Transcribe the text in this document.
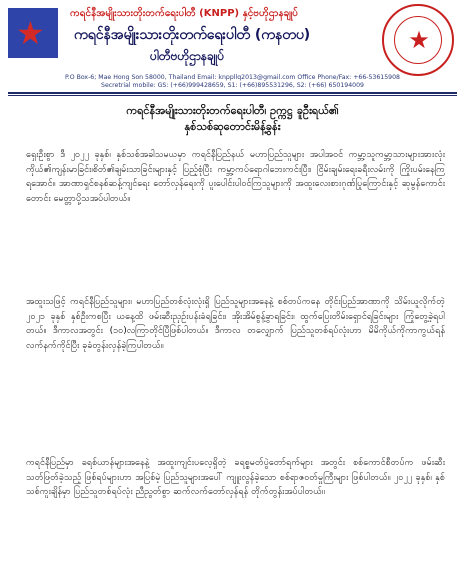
★
ကရင်နီအမျိုးသားတိုးတက်ရေးပါတီ (KNPP) နှင့်ဗဟိုဌာနချုပ်
ကရင်နီအမျိုးသားတိုးတက်ရေးပါတီ (ကနတပ)
ပါတီဗဟိုဌာနချုပ်
★
P.O Box-6; Mae Hong Son 58000, Thailand Email: knppllq2013@gmail.com Office Phone/Fax: +66-53615908
Secretrial mobile: GS: (+66)999428659, S1: (+66)895531296, S2: (+66) 650194009
ကရင်နီအမျိုးသားတိုးတက်ရေးပါတီ၊ ဥက္ကဋ္ဌ ခူဦးရယ်၏
နှစ်သစ်ဆုတောင်းမိန့်ခွန်း
ရှေးဦးစွာ ဒီ ၂၀၂၂ ခုနှစ်၊ နှစ်သစ်အခါသမယမှာ ကရင်နီပြည်နယ် မဟာပြည်သူများ အပါအဝင် ကမ္ဘာ့သူကမ္ဘာ့သားများအားလုံး ကိုယ်၏ကျန်းမာခြင်း၊စိတ်၏ချမ်းသာခြင်းများနှင့် ပြည့်စုံပြီး ကမ္ဘာ့ကပ်ရောဂါဘေးကင်းပြီး၊ ငြိမ်းချမ်းရေးခရီးလမ်းကို ကြိုးပမ်းနေကြရအောင်။ အာဏာရှင်စနစ်ဆန့်ကျင်ရေး တော်လှန်ရေးကို ပူးပေါင်းပါဝင်ကြသူများကို အထူးလေးစားဂုဏ်ပြုကြောင်းနှင့် ဆုမွန်ကောင်းတောင်း မေတ္တာပို့သအပ်ပါတယ်။
အထူးသဖြင့် ကရင်နီပြည်သူများ၊ မဟာပြည်တစ်လုံးလုံးရှိ ပြည်သူများအနေနဲ့ စစ်တပ်ကနေ တိုင်းပြည်အာဏာကို သိမ်းယူလိုက်တဲ့ ၂၀၂၁ ခုနှစ် နှစ်ဦးကစပြီး ယနေ့ထိ ဖမ်းဆီးညှဉ်းပန်းခံရခြင်း၊ အိုးအိမ်စွန့်ခွာရခြင်း၊ ထွက်ပြေးတိမ်းရှောင်ရခြင်းများ ကြုံတွေ့ခဲ့ရပါတယ်။ ဒီကာလအတွင်း (၁၀)လကြာတိုင်ပြီဖြစ်ပါတယ်။ ဒီကာလ တလျှောက် ပြည်သူတစ်ရပ်လုံးဟာ မိမိကိုယ်ကိုကာကွယ်ရန် လက်နက်ကိုင်ပြီး ခုခံတွန်းလှန်ခဲ့ကြပါတယ်။
ကရင်နီပြည်မှာ ခရစ်ယာန်များအနေနဲ့ အထူးကျင်းပလေ့ရှိတဲ့ ခရစ္စမတ်ပွဲတော်ရက်များ အတွင်း စစ်ကောင်စီတပ်က ဖမ်းဆီးသတ်ဖြတ်ခဲ့သည့် ဖြစ်ရပ်များဟာ အပြစ်မဲ့ ပြည်သူများအပေါ် ကျူးလွန်ခဲ့သော စစ်ရာဇဝတ်မှုကြီးများ ဖြစ်ပါတယ်။ ၂၀၂၂ ခုနှစ်၊ နှစ်သစ်ကူးချိန်မှာ ပြည်သူတစ်ရပ်လုံး ညီညွတ်စွာ ဆက်လက်တော်လှန်ရန် တိုက်တွန်းအပ်ပါတယ်။
